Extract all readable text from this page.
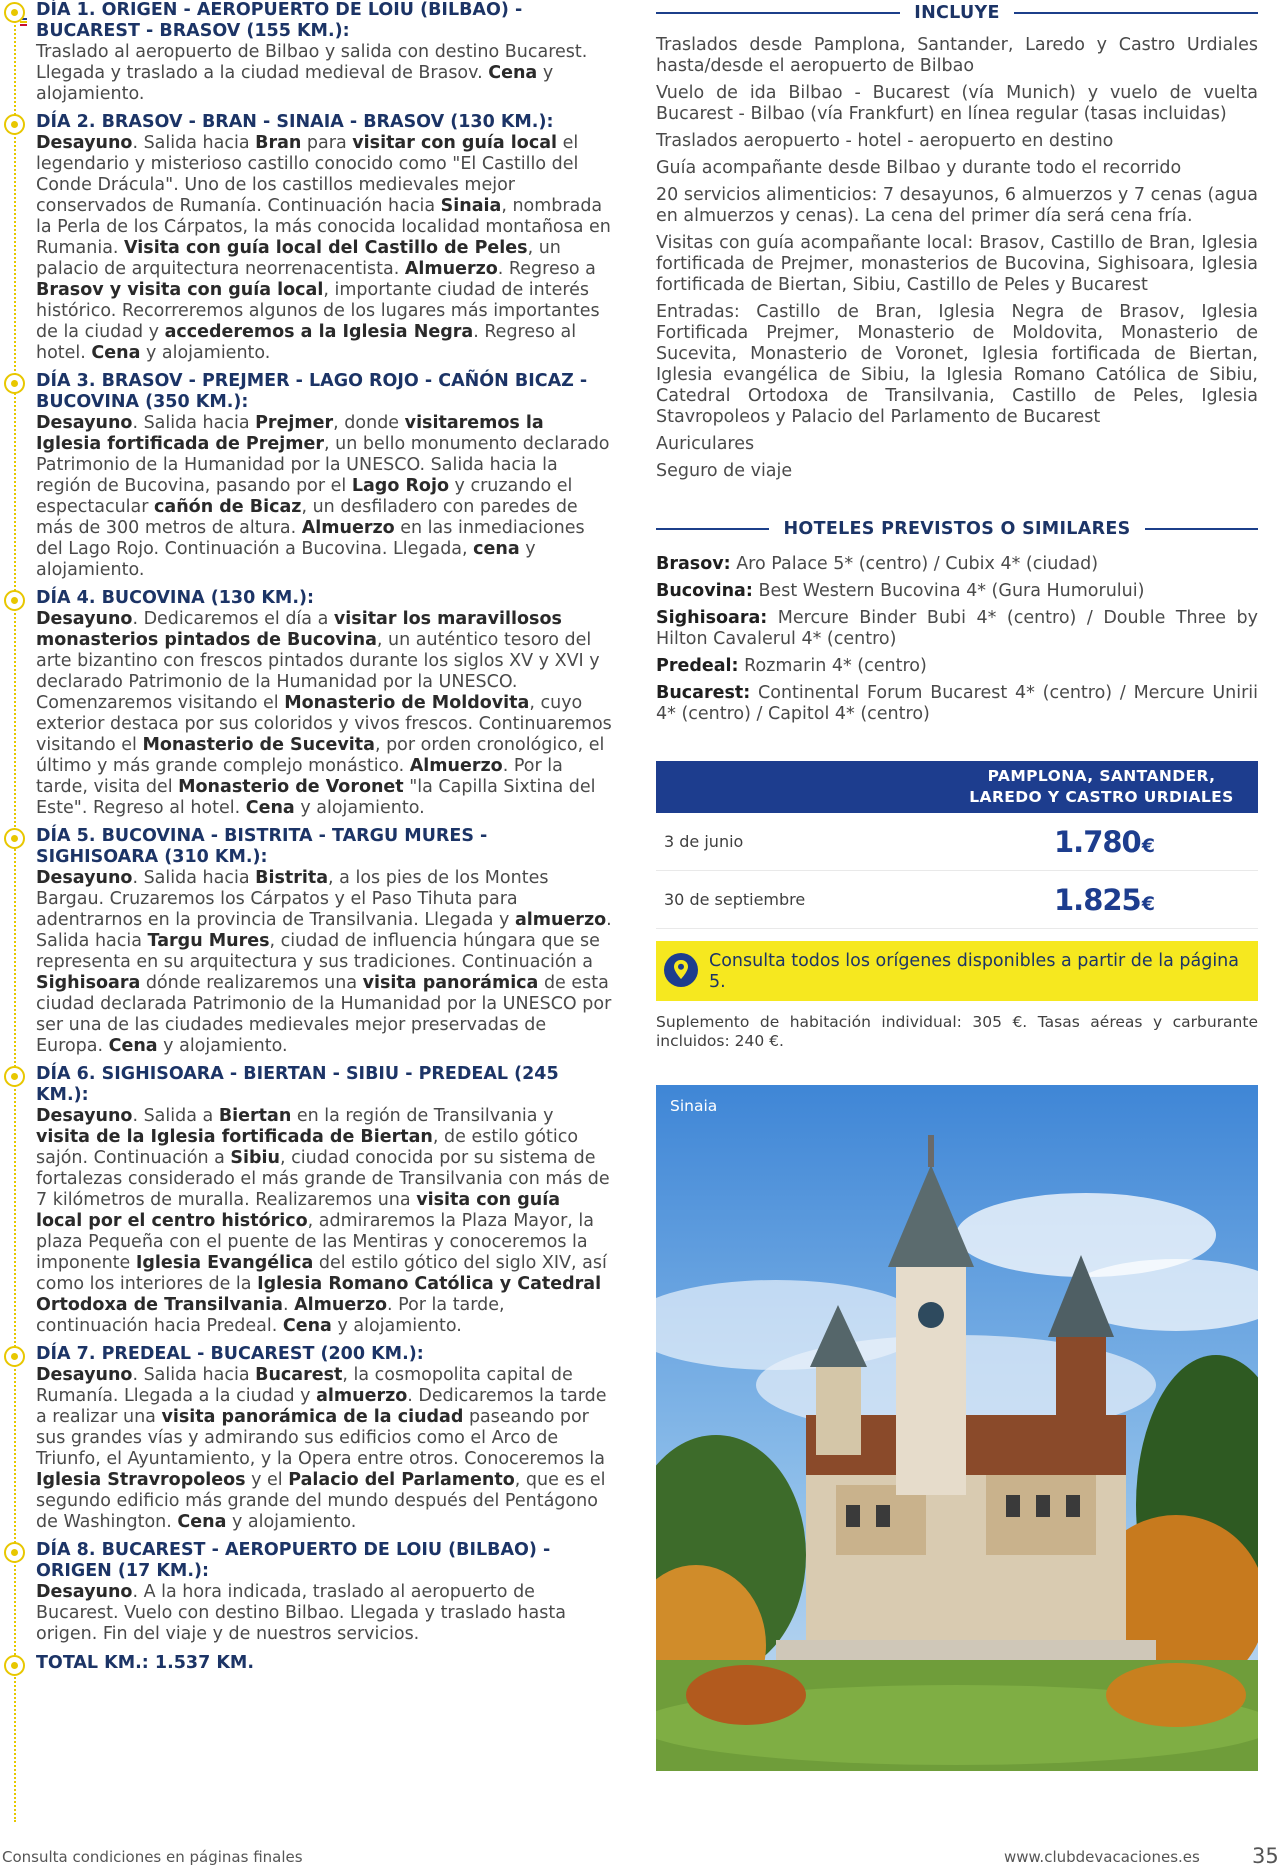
DÍA 1. ORIGEN - AEROPUERTO DE LOIU (BILBAO) - BUCAREST - BRASOV (155 KM.):
Traslado al aeropuerto de Bilbao y salida con destino Bucarest. Llegada y traslado a la ciudad medieval de Brasov. Cena y alojamiento.
DÍA 2. BRASOV - BRAN - SINAIA - BRASOV (130 KM.):
Desayuno. Salida hacia Bran para visitar con guía local el legendario y misterioso castillo conocido como "El Castillo del Conde Drácula". Uno de los castillos medievales mejor conservados de Rumanía. Continuación hacia Sinaia, nombrada la Perla de los Cárpatos, la más conocida localidad montañosa en Rumania. Visita con guía local del Castillo de Peles, un palacio de arquitectura neorrenacentista. Almuerzo. Regreso a Brasov y visita con guía local, importante ciudad de interés histórico. Recorreremos algunos de los lugares más importantes de la ciudad y accederemos a la Iglesia Negra. Regreso al hotel. Cena y alojamiento.
DÍA 3. BRASOV - PREJMER - LAGO ROJO - CAÑÓN BICAZ - BUCOVINA (350 KM.):
Desayuno. Salida hacia Prejmer, donde visitaremos la Iglesia fortificada de Prejmer, un bello monumento declarado Patrimonio de la Humanidad por la UNESCO. Salida hacia la región de Bucovina, pasando por el Lago Rojo y cruzando el espectacular cañón de Bicaz, un desfiladero con paredes de más de 300 metros de altura. Almuerzo en las inmediaciones del Lago Rojo. Continuación a Bucovina. Llegada, cena y alojamiento.
DÍA 4. BUCOVINA (130 KM.):
Desayuno. Dedicaremos el día a visitar los maravillosos monasterios pintados de Bucovina, un auténtico tesoro del arte bizantino con frescos pintados durante los siglos XV y XVI y declarado Patrimonio de la Humanidad por la UNESCO. Comenzaremos visitando el Monasterio de Moldovita, cuyo exterior destaca por sus coloridos y vivos frescos. Continuaremos visitando el Monasterio de Sucevita, por orden cronológico, el último y más grande complejo monástico. Almuerzo. Por la tarde, visita del Monasterio de Voronet "la Capilla Sixtina del Este". Regreso al hotel. Cena y alojamiento.
DÍA 5. BUCOVINA - BISTRITA - TARGU MURES - SIGHISOARA (310 KM.):
Desayuno. Salida hacia Bistrita, a los pies de los Montes Bargau. Cruzaremos los Cárpatos y el Paso Tihuta para adentrarnos en la provincia de Transilvania. Llegada y almuerzo. Salida hacia Targu Mures, ciudad de influencia húngara que se representa en su arquitectura y sus tradiciones. Continuación a Sighisoara dónde realizaremos una visita panorámica de esta ciudad declarada Patrimonio de la Humanidad por la UNESCO por ser una de las ciudades medievales mejor preservadas de Europa. Cena y alojamiento.
DÍA 6. SIGHISOARA - BIERTAN - SIBIU - PREDEAL (245 KM.):
Desayuno. Salida a Biertan en la región de Transilvania y visita de la Iglesia fortificada de Biertan, de estilo gótico sajón. Continuación a Sibiu, ciudad conocida por su sistema de fortalezas considerado el más grande de Transilvania con más de 7 kilómetros de muralla. Realizaremos una visita con guía local por el centro histórico, admiraremos la Plaza Mayor, la plaza Pequeña con el puente de las Mentiras y conoceremos la imponente Iglesia Evangélica del estilo gótico del siglo XIV, así como los interiores de la Iglesia Romano Católica y Catedral Ortodoxa de Transilvania. Almuerzo. Por la tarde, continuación hacia Predeal. Cena y alojamiento.
DÍA 7. PREDEAL - BUCAREST (200 KM.):
Desayuno. Salida hacia Bucarest, la cosmopolita capital de Rumanía. Llegada a la ciudad y almuerzo. Dedicaremos la tarde a realizar una visita panorámica de la ciudad paseando por sus grandes vías y admirando sus edificios como el Arco de Triunfo, el Ayuntamiento, y la Opera entre otros. Conoceremos la Iglesia Stravropoleos y el Palacio del Parlamento, que es el segundo edificio más grande del mundo después del Pentágono de Washington. Cena y alojamiento.
DÍA 8. BUCAREST - AEROPUERTO DE LOIU (BILBAO) - ORIGEN (17 KM.):
Desayuno. A la hora indicada, traslado al aeropuerto de Bucarest. Vuelo con destino Bilbao. Llegada y traslado hasta origen. Fin del viaje y de nuestros servicios.
TOTAL KM.: 1.537 KM.
INCLUYE
Traslados desde Pamplona, Santander, Laredo y Castro Urdiales hasta/desde el aeropuerto de Bilbao
Vuelo de ida Bilbao - Bucarest (vía Munich) y vuelo de vuelta Bucarest - Bilbao (vía Frankfurt) en línea regular (tasas incluidas)
Traslados aeropuerto - hotel - aeropuerto en destino
Guía acompañante desde Bilbao y durante todo el recorrido
20 servicios alimenticios: 7 desayunos, 6 almuerzos y 7 cenas (agua en almuerzos y cenas). La cena del primer día será cena fría.
Visitas con guía acompañante local: Brasov, Castillo de Bran, Iglesia fortificada de Prejmer, monasterios de Bucovina, Sighisoara, Iglesia fortificada de Biertan, Sibiu, Castillo de Peles y Bucarest
Entradas: Castillo de Bran, Iglesia Negra de Brasov, Iglesia Fortificada Prejmer, Monasterio de Moldovita, Monasterio de Sucevita, Monasterio de Voronet, Iglesia fortificada de Biertan, Iglesia evangélica de Sibiu, la Iglesia Romano Católica de Sibiu, Catedral Ortodoxa de Transilvania, Castillo de Peles, Iglesia Stavropoleos y Palacio del Parlamento de Bucarest
Auriculares
Seguro de viaje
HOTELES PREVISTOS O SIMILARES
Brasov: Aro Palace 5* (centro) / Cubix 4* (ciudad)
Bucovina: Best Western Bucovina 4* (Gura Humorului)
Sighisoara: Mercure Binder Bubi 4* (centro) / Double Three by Hilton Cavalerul 4* (centro)
Predeal: Rozmarin 4* (centro)
Bucarest: Continental Forum Bucarest 4* (centro) / Mercure Unirii 4* (centro) / Capitol 4* (centro)
PAMPLONA, SANTANDER,
LAREDO Y CASTRO URDIALES
3 de junio	1.780€
30 de septiembre	1.825€
Consulta todos los orígenes disponibles a partir de la página 5.
Suplemento de habitación individual: 305 €. Tasas aéreas y carburante incluidos: 240 €.
Sinaia
Consulta condiciones en páginas finales	www.clubdevacaciones.es 35
